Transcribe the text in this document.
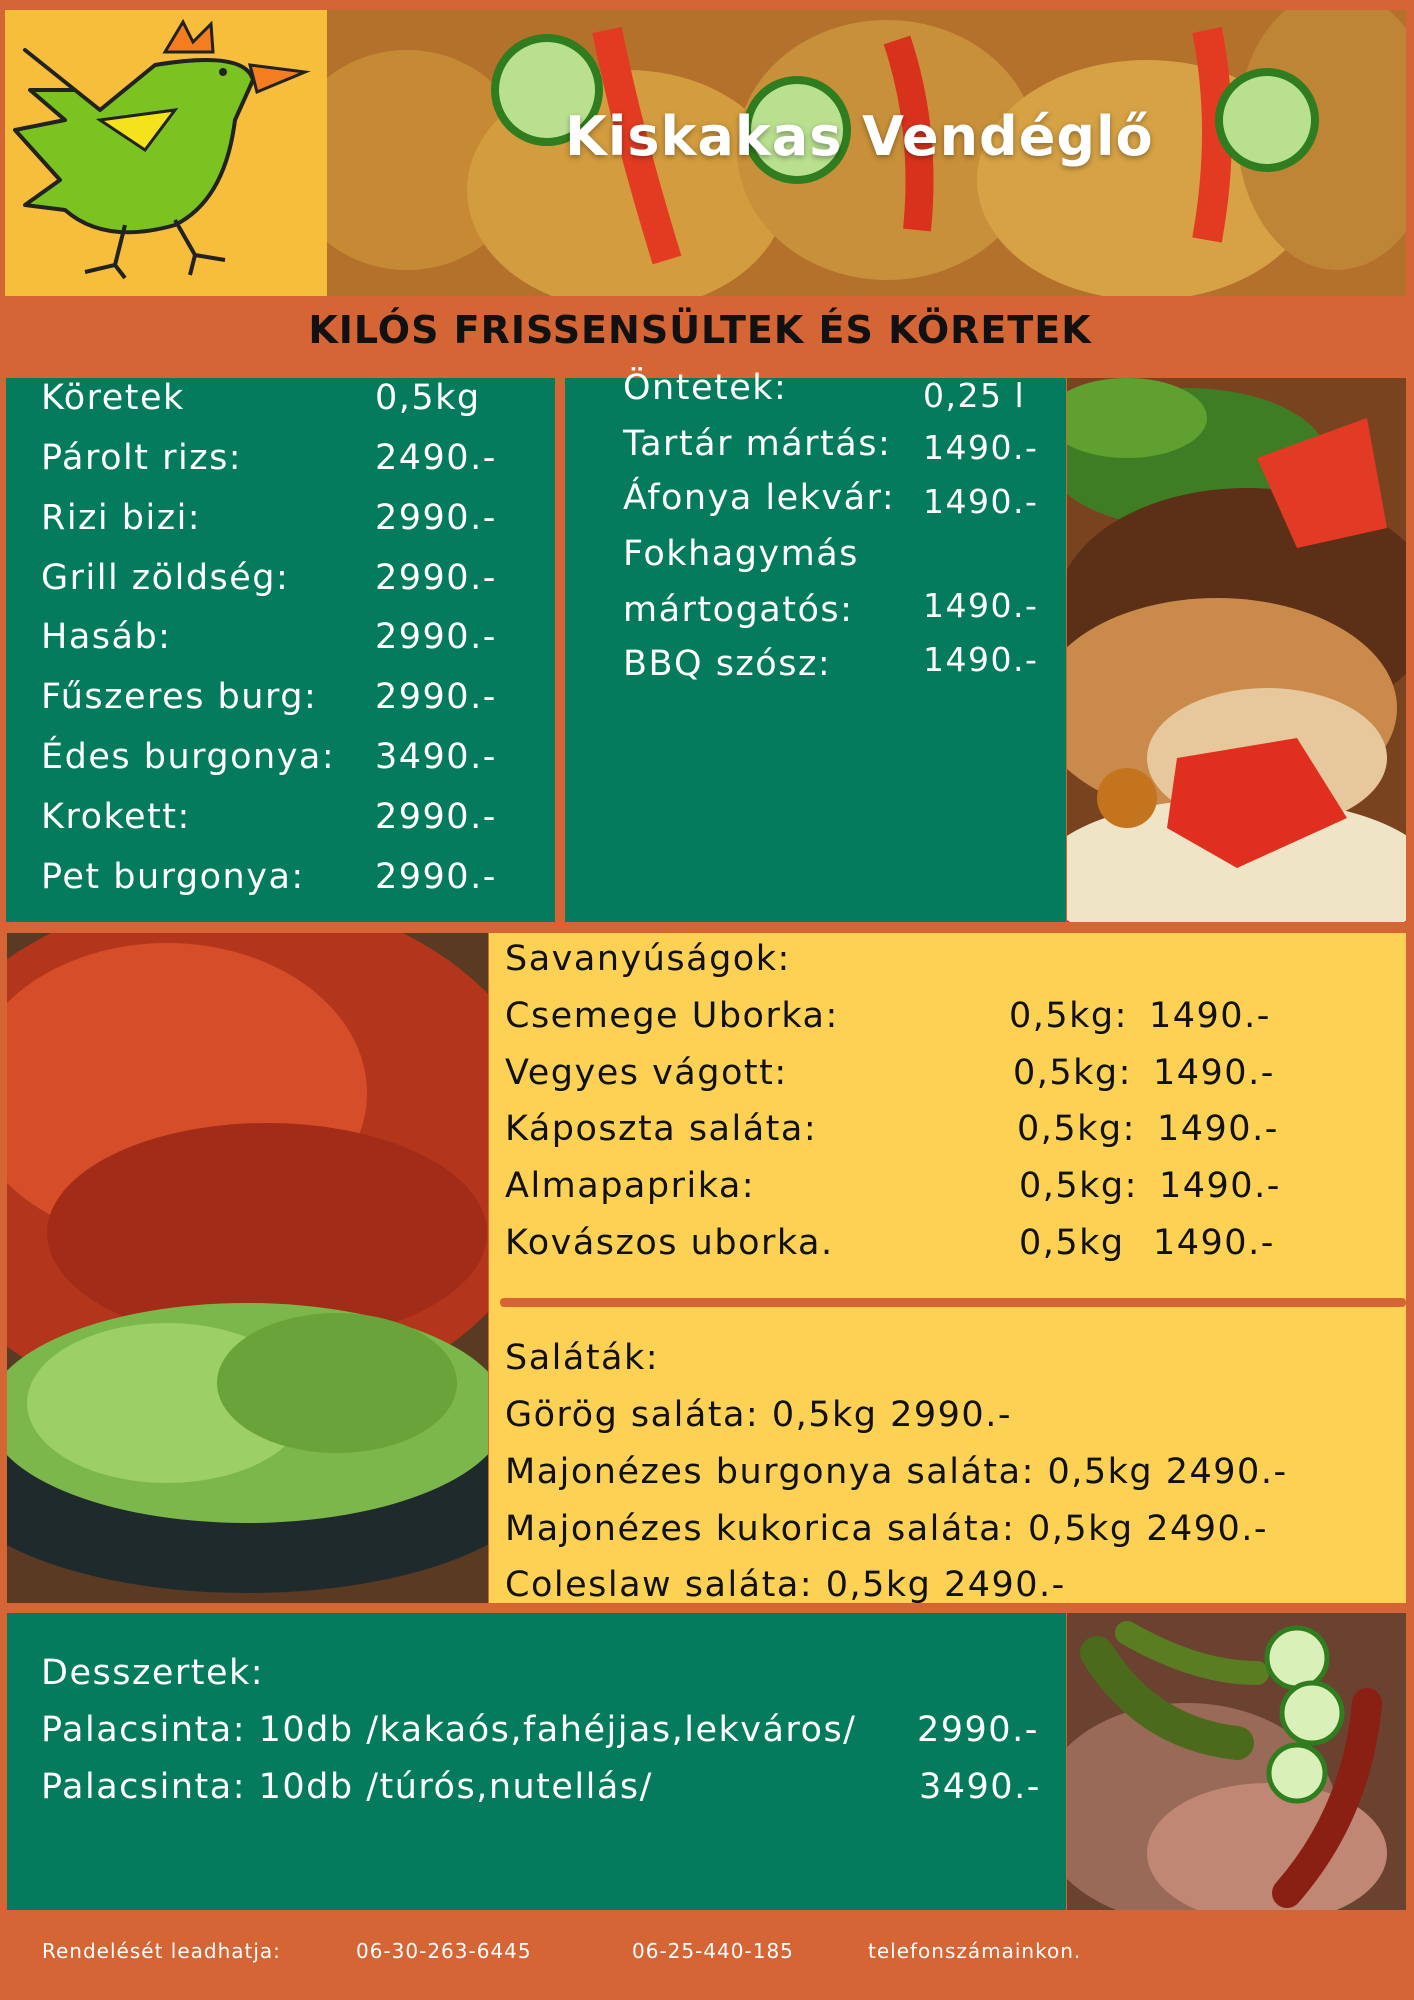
Kiskakas Vendéglő
KILÓS FRISSENSÜLTEK ÉS KÖRETEK
Köretek	0,5kg
Párolt rizs:	2490.-
Rizi bizi:	2990.-
Grill zöldség: 2990.-
Hasáb:	2990.-
Fűszeres burg: 2990.-
Édes burgonya: 3490.-
Krokett:	2990.-
Pet burgonya: 2990.-
Öntetek:	0,25 l
Tartár mártás: 1490.-
Áfonya lekvár: 1490.-
Fokhagymás
mártogatós: 1490.-
BBQ szósz:	1490.-
Savanyúságok:
Csemege Uborka:	0,5kg: 1490.-
Vegyes vágott:	0,5kg: 1490.-
Káposzta saláta:	0,5kg: 1490.-
Almapaprika:	0,5kg: 1490.-
Kovászos uborka.	0,5kg 1490.-
Saláták:
Görög saláta: 0,5kg 2990.-
Majonézes burgonya saláta: 0,5kg 2490.-
Majonézes kukorica saláta: 0,5kg 2490.-
Coleslaw saláta: 0,5kg 2490.-
Desszertek:
Palacsinta: 10db /kakaós,fahéjjas,lekváros/ 2990.-
Palacsinta: 10db /túrós,nutellás/	3490.-
Rendelését leadhatja:	06-30-263-6445	06-25-440-185	telefonszámainkon.
